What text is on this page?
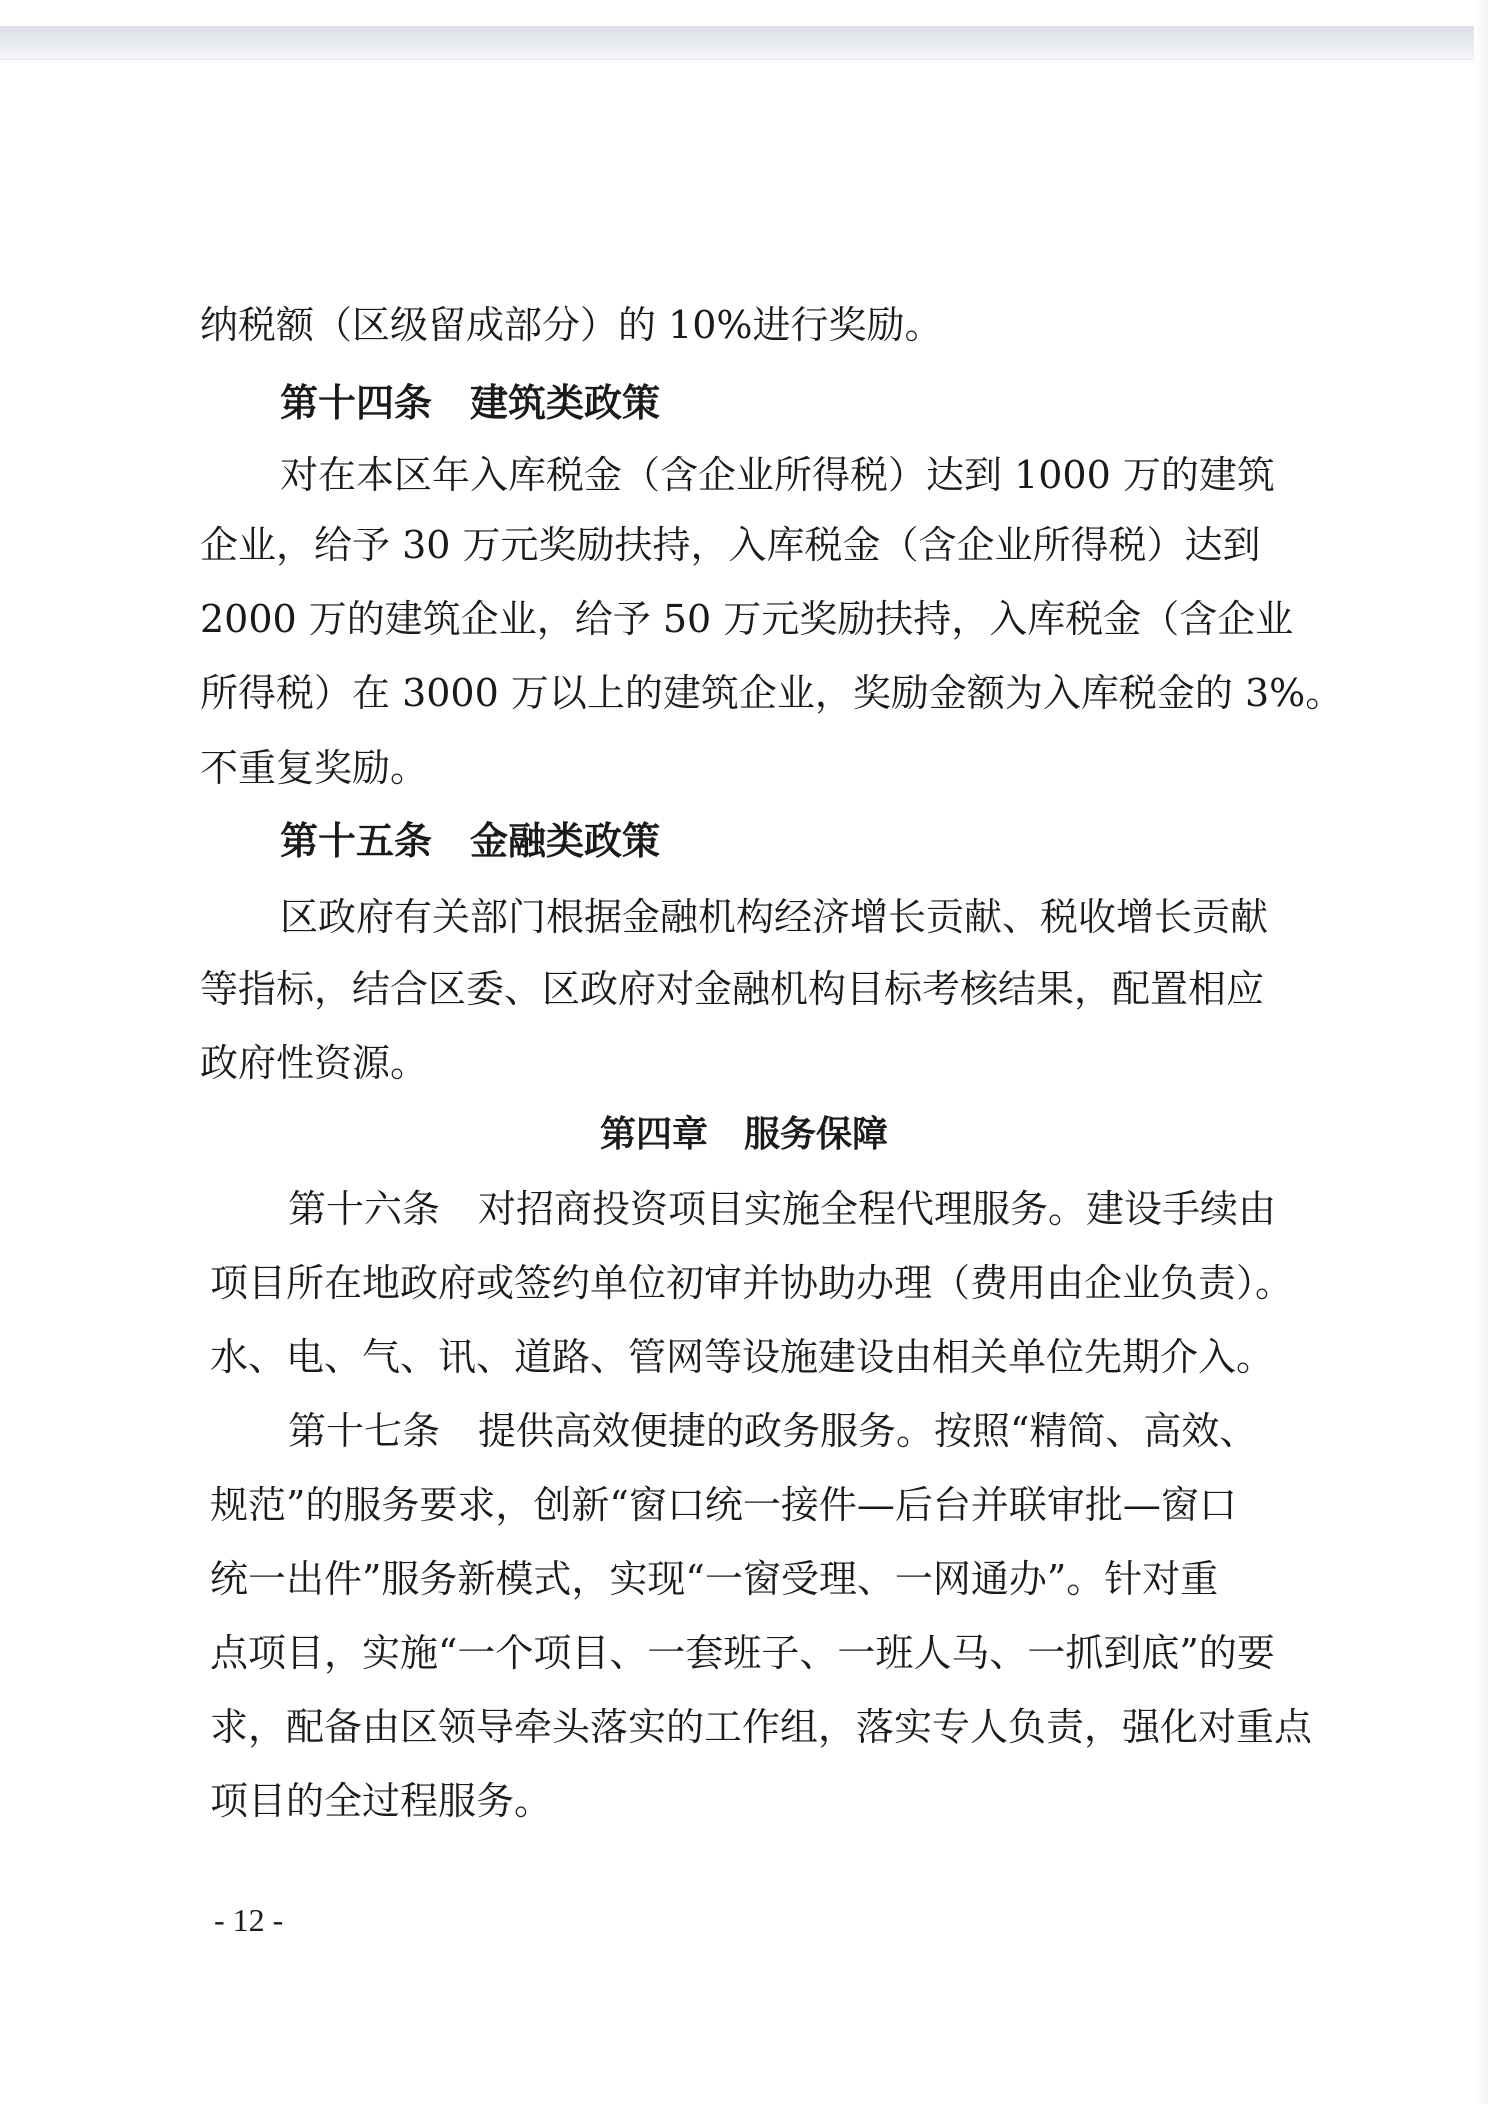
纳税额（区级留成部分）的 10%进行奖励。
第十四条　建筑类政策
对在本区年入库税金（含企业所得税）达到 1000 万的建筑
企业，给予 30 万元奖励扶持，入库税金（含企业所得税）达到
2000 万的建筑企业，给予 50 万元奖励扶持，入库税金（含企业
所得税）在 3000 万以上的建筑企业，奖励金额为入库税金的 3%。
不重复奖励。
第十五条　金融类政策
区政府有关部门根据金融机构经济增长贡献、税收增长贡献
等指标，结合区委、区政府对金融机构目标考核结果，配置相应
政府性资源。
第四章　服务保障
第十六条　对招商投资项目实施全程代理服务。建设手续由
项目所在地政府或签约单位初审并协助办理（费用由企业负责）。
水、电、气、讯、道路、管网等设施建设由相关单位先期介入。
第十七条　提供高效便捷的政务服务。按照“精简、高效、
规范”的服务要求，创新“窗口统一接件—后台并联审批—窗口
统一出件”服务新模式，实现“一窗受理、一网通办”。针对重
点项目，实施“一个项目、一套班子、一班人马、一抓到底”的要
求，配备由区领导牵头落实的工作组，落实专人负责，强化对重点
项目的全过程服务。
- 12 -
